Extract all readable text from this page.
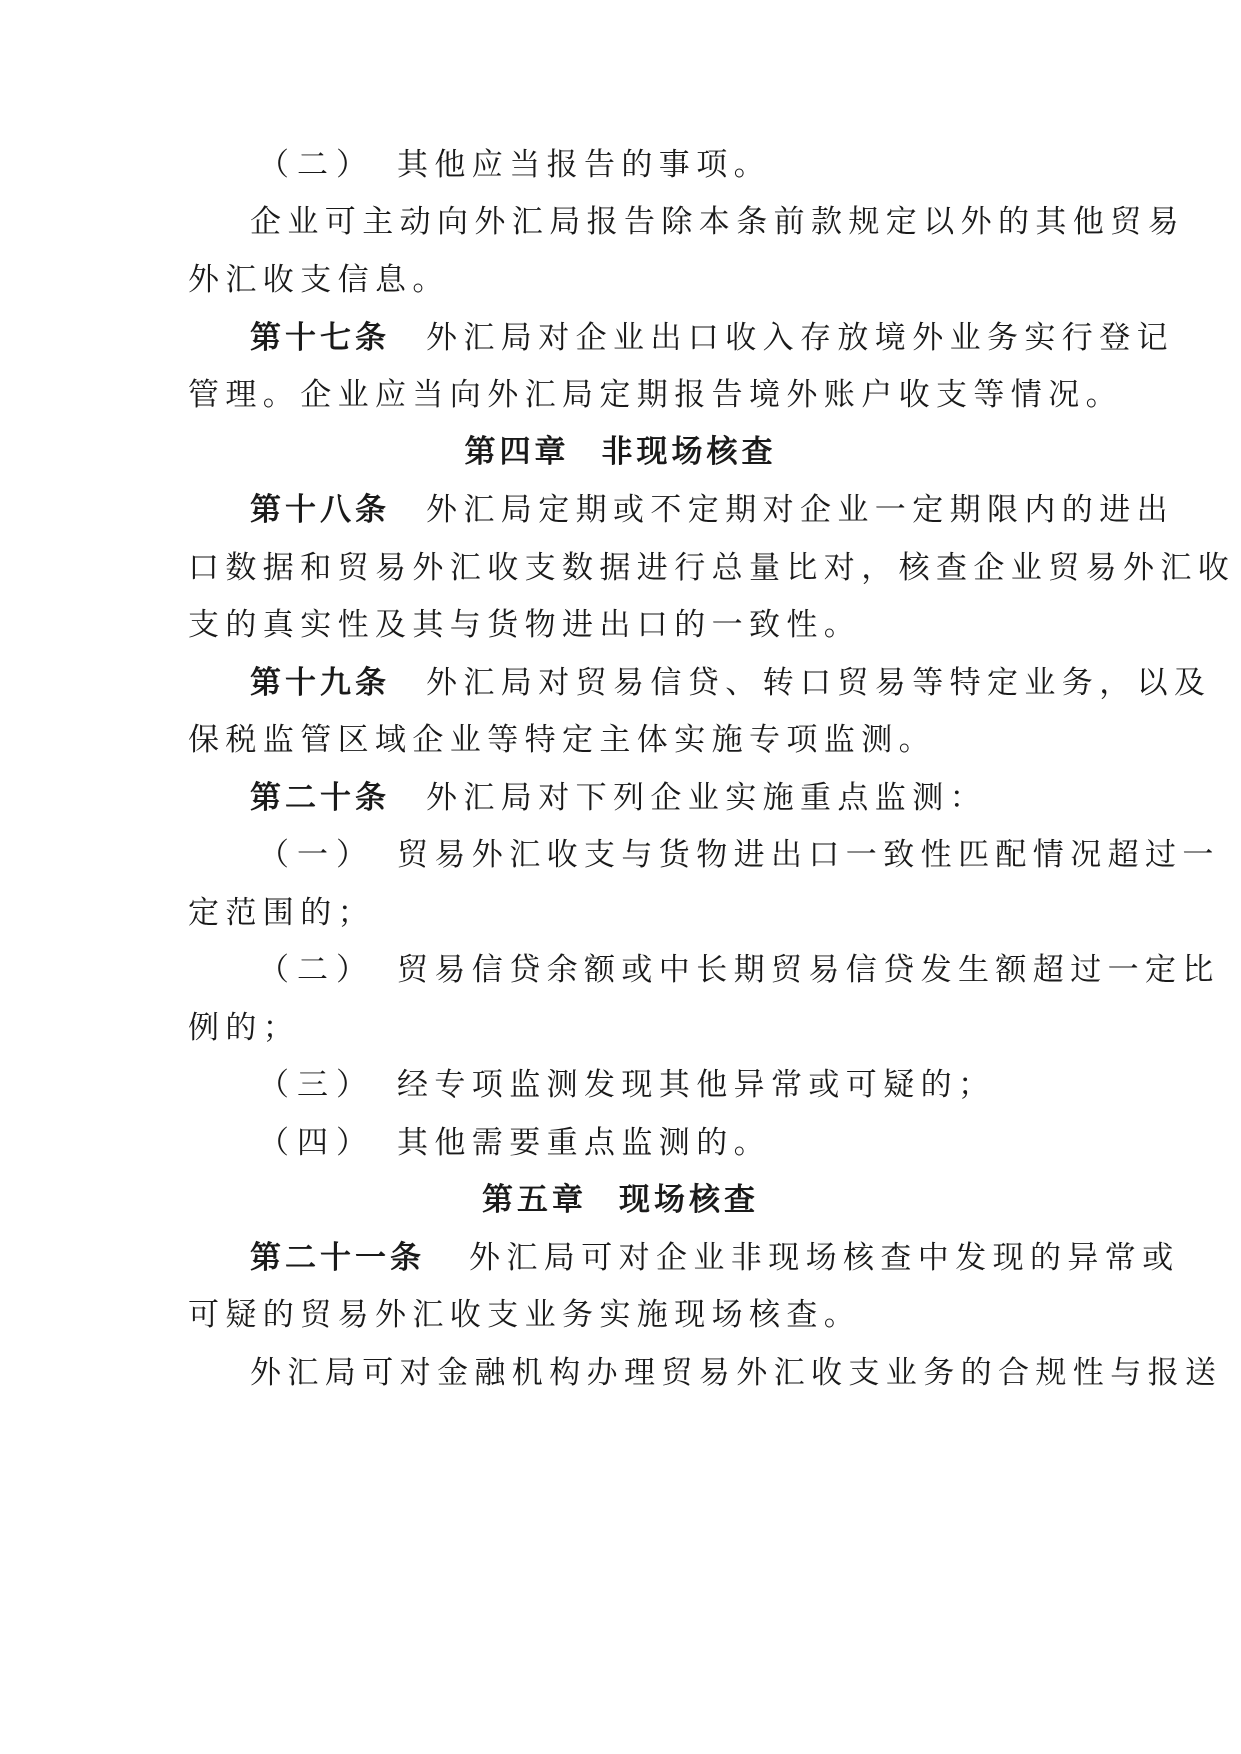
（二） 其他应当报告的事项。
企业可主动向外汇局报告除本条前款规定以外的其他贸易
外汇收支信息。
第十七条 外汇局对企业出口收入存放境外业务实行登记
管理。企业应当向外汇局定期报告境外账户收支等情况。
第四章 非现场核查
第十八条 外汇局定期或不定期对企业一定期限内的进出
口数据和贸易外汇收支数据进行总量比对，核查企业贸易外汇收
支的真实性及其与货物进出口的一致性。
第十九条 外汇局对贸易信贷、转口贸易等特定业务，以及
保税监管区域企业等特定主体实施专项监测。
第二十条 外汇局对下列企业实施重点监测：
（一） 贸易外汇收支与货物进出口一致性匹配情况超过一
定范围的；
（二） 贸易信贷余额或中长期贸易信贷发生额超过一定比
例的；
（三） 经专项监测发现其他异常或可疑的；
（四） 其他需要重点监测的。
第五章 现场核查
第二十一条 外汇局可对企业非现场核查中发现的异常或
可疑的贸易外汇收支业务实施现场核查。
外汇局可对金融机构办理贸易外汇收支业务的合规性与报送
